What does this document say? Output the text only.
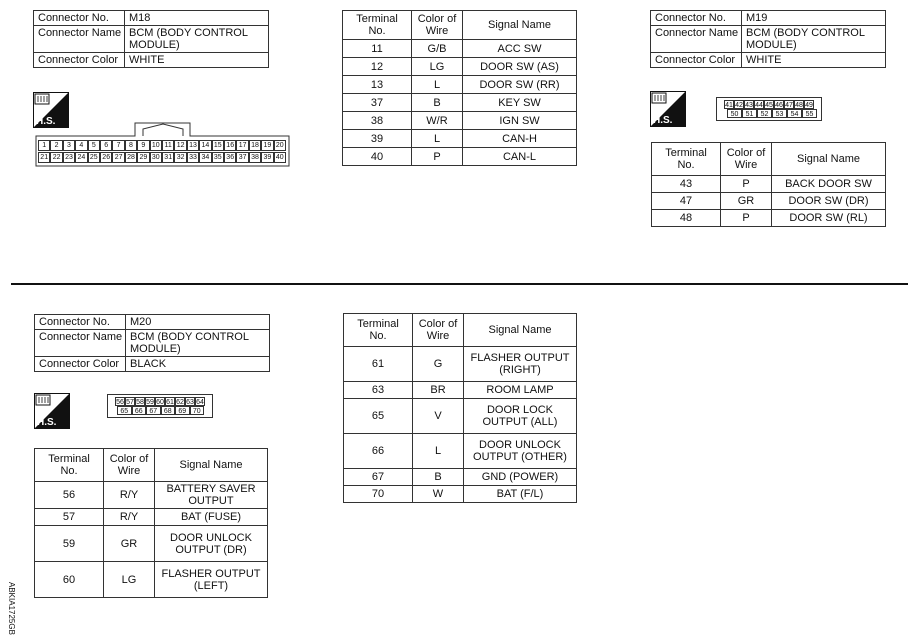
Connector No.	M18
Connector Name	BCM (BODY CONTROL MODULE)
Connector Color	WHITE
H.S.
1	2	3	4	5	6	7	8	9 10 11 12 13 14 15 16 17 18 19 20
21 22 23 24 25 26 27 28 29 30 31 32 33 34 35 36 37 38 39 40
Terminal No.	Color of Wire	Signal Name
11	G/B	ACC SW
12	LG	DOOR SW (AS)
13	L	DOOR SW (RR)
37	B	KEY SW
38	W/R	IGN SW
39	L	CAN-H
40	P	CAN-L
Connector No.	M19
Connector Name	BCM (BODY CONTROL MODULE)
Connector Color	WHITE
H.S.
41 42 43 44 45 46 47 48 49
50	51	52	53	54	55
Terminal No.	Color of Wire	Signal Name
43	P	BACK DOOR SW
47	GR	DOOR SW (DR)
48	P	DOOR SW (RL)
Connector No.	M20
Connector Name	BCM (BODY CONTROL MODULE)
Connector Color	BLACK
H.S.
56 57 58 59 60 61 62 63 64
65 66 67 68 69 70
Terminal No.	Color of Wire	Signal Name
56	R/Y	BATTERY SAVER OUTPUT
57	R/Y	BAT (FUSE)
59	GR	DOOR UNLOCK OUTPUT (DR)
60	LG	FLASHER OUTPUT (LEFT)
Terminal No.	Color of Wire	Signal Name
61	G	FLASHER OUTPUT (RIGHT)
63	BR	ROOM LAMP
65	V	DOOR LOCK OUTPUT (ALL)
66	L	DOOR UNLOCK OUTPUT (OTHER)
67	B	GND (POWER)
70	W	BAT (F/L)
ABKIA1725GB
